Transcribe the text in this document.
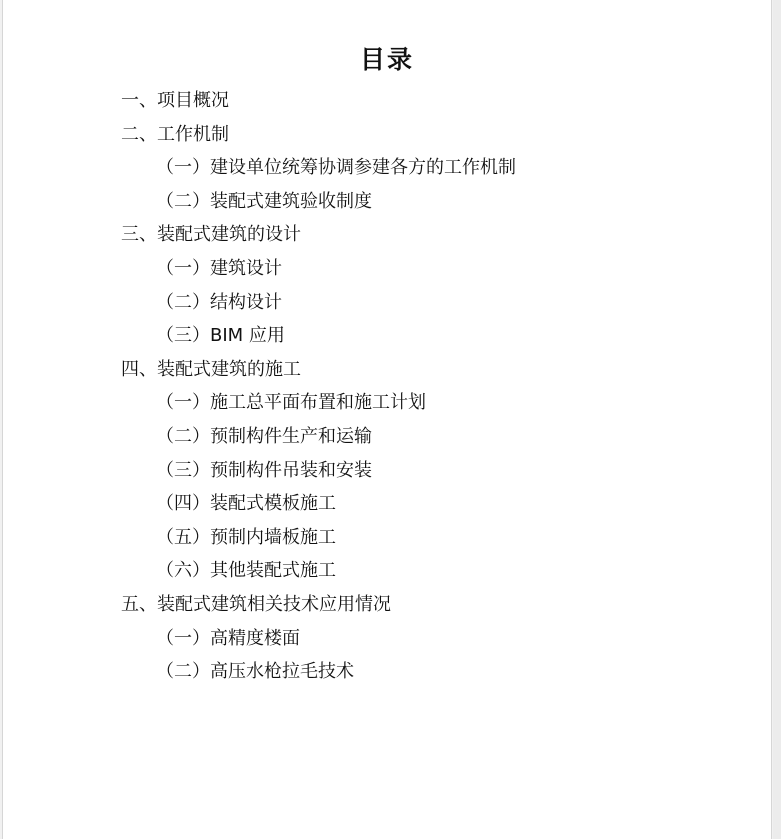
目录
一、项目概况
二、工作机制
（一）建设单位统筹协调参建各方的工作机制
（二）装配式建筑验收制度
三、装配式建筑的设计
（一）建筑设计
（二）结构设计
（三）BIM 应用
四、装配式建筑的施工
（一）施工总平面布置和施工计划
（二）预制构件生产和运输
（三）预制构件吊装和安装
（四）装配式模板施工
（五）预制内墙板施工
（六）其他装配式施工
五、装配式建筑相关技术应用情况
（一）高精度楼面
（二）高压水枪拉毛技术
